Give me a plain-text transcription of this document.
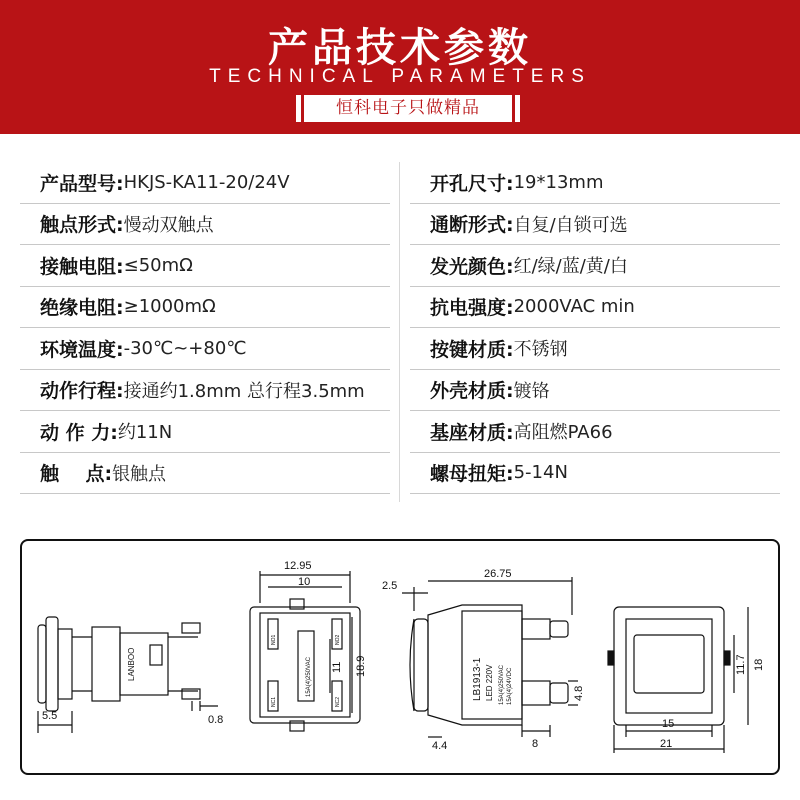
产品技术参数
TECHNICAL PARAMETERS
恒科电子只做精品
产品型号: HKJS-KA11-20/24V
触点形式: 慢动双触点
接触电阻: ≤50mΩ
绝缘电阻: ≥1000mΩ
环境温度: -30℃~+80℃
动作行程: 接通约1.8mm 总行程3.5mm
动 作 力: 约11N
触    点: 银触点
开孔尺寸: 19*13mm
通断形式: 自复/自锁可选
发光颜色: 红/绿/蓝/黄/白
抗电强度: 2000VAC min
按键材质: 不锈钢
外壳材质: 镀铬
基座材质: 高阻燃PA66
螺母扭矩: 5-14N
5.5	0.8
LANBOO
12.95
10
11 18.9
NO1	NO2
NC1	NC2
15A(4)250VAC
2.5
26.75
4.8
8
4.4
LB1913-1 LED 220V 15A(4)250VAC 15A(4)24VDC
15
21
11.7 18
